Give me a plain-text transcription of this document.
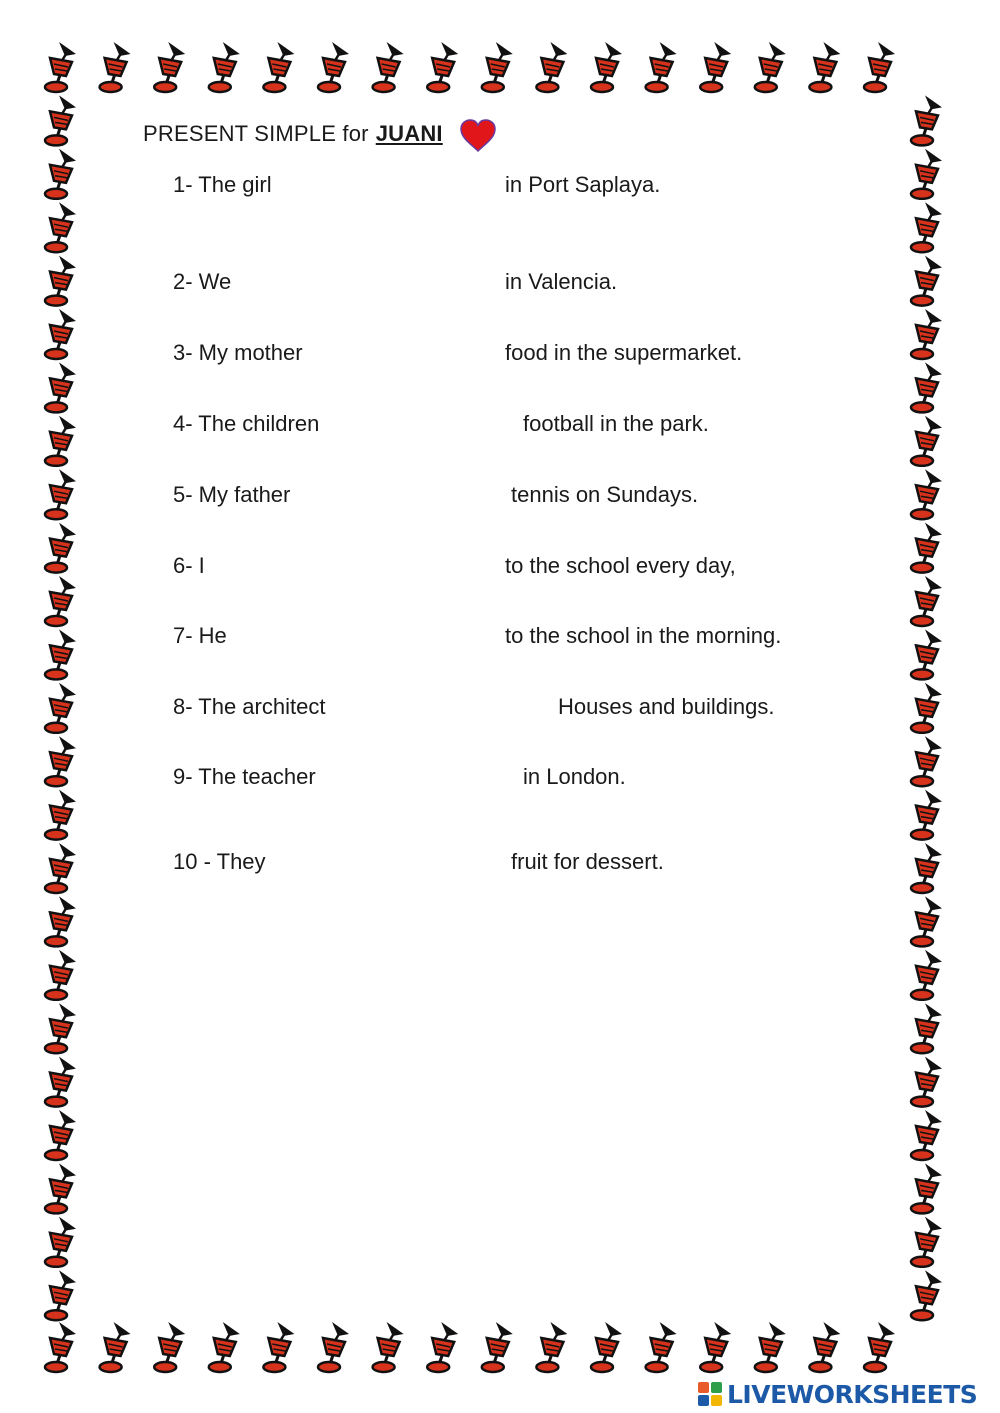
PRESENT SIMPLE for JUANI
1- The girl	in Port Saplaya.
2- We	in Valencia.
3- My mother	food in the supermarket.
4- The children	football in the park.
5- My father	tennis on Sundays.
6- I	to the school every day,
7- He	to the school in the morning.
8- The architect	Houses and buildings.
9- The teacher	in London.
10 - They	fruit for dessert.
LIVEWORKSHEETS
